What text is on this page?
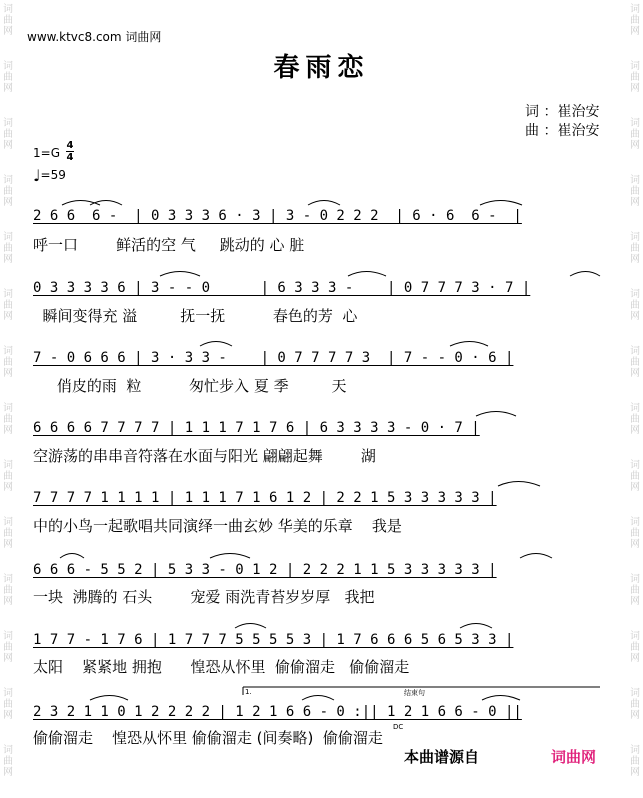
词曲网
词曲网
词曲网
词曲网
词曲网
词曲网
词曲网
词曲网
词曲网
词曲网
词曲网
词曲网
词曲网
词曲网
词曲网
词曲网
词曲网
词曲网
词曲网
词曲网
词曲网
词曲网
词曲网
词曲网
词曲网
词曲网
词曲网
词曲网
www.ktvc8.com 词曲网
春雨恋
词 ：崔治安
曲 ：崔治安
1=G
4
4
♩=59
2 6 6  6 -  | 0 3 3 3 6 · 3 | 3 - 0 2 2 2  | 6 · 6  6 -  |
呼一口        鲜活的空 气     跳动的 心 脏
0 3 3 3 3 6 | 3 - - 0      | 6 3 3 3 -    | 0 7 7 7 3 · 7 |
瞬间变得充 溢         抚一抚          春色的芳  心
7 - 0 6 6 6 | 3 · 3 3 -    | 0 7 7 7 7 3  | 7 - - 0 · 6 |
俏皮的雨  粒          匆忙步入 夏 季         天
6 6 6 6 7 7 7 7 | 1 1 1 7 1 7 6 | 6 3 3 3 3 - 0 · 7 |
空游荡的串串音符落在水面与阳光 翩翩起舞        湖
7 7 7 7 1 1 1 1 | 1 1 1 7 1 6 1 2 | 2 2 1 5 3 3 3 3 3 |
中的小鸟一起歌唱共同演绎一曲玄妙 华美的乐章    我是
6 6 6 - 5 5 2 | 5 3 3 - 0 1 2 | 2 2 2 1 1 5 3 3 3 3 3 |
一块  沸腾的 石头        宠爱 雨洗青苔岁岁厚   我把
1 7 7 - 1 7 6 | 1 7 7 7 5 5 5 5 3 | 1 7 6 6 6 5 6 5 3 3 |
太阳    紧紧地 拥抱      惶恐从怀里  偷偷溜走   偷偷溜走
2 3 2 1 1 0 1 2 2 2 2 | 1 2 1 6 6 - 0 :|| 1 2 1 6 6 - 0 ||
偷偷溜走    惶恐从怀里 偷偷溜走 (间奏略)  偷偷溜走
1.	结束句
DC
本曲谱源自	词曲网
